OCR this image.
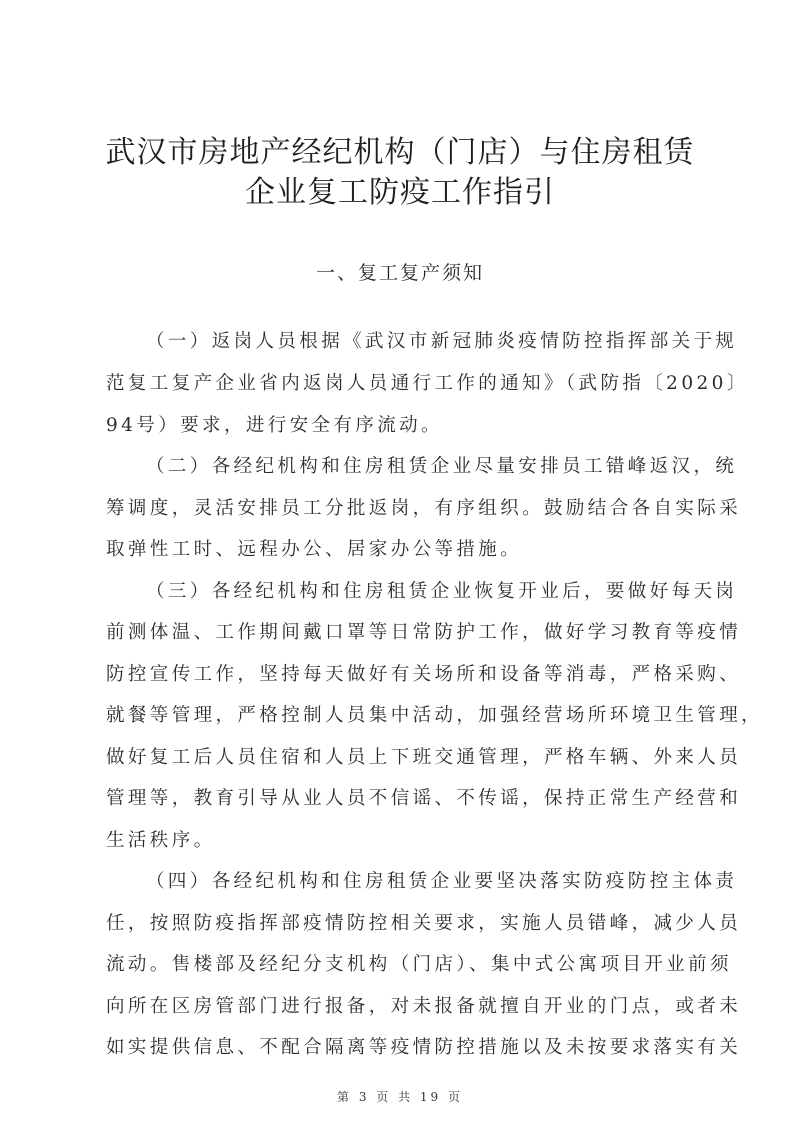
武汉市房地产经纪机构（门店）与住房租赁
企业复工防疫工作指引
一、复工复产须知
（一）返岗人员根据《武汉市新冠肺炎疫情防控指挥部关于规
范复工复产企业省内返岗人员通行工作的通知》（武防指〔2020〕
94号）要求，进行安全有序流动。
（二）各经纪机构和住房租赁企业尽量安排员工错峰返汉，统
筹调度，灵活安排员工分批返岗，有序组织。鼓励结合各自实际采
取弹性工时、远程办公、居家办公等措施。
（三）各经纪机构和住房租赁企业恢复开业后，要做好每天岗
前测体温、工作期间戴口罩等日常防护工作，做好学习教育等疫情
防控宣传工作，坚持每天做好有关场所和设备等消毒，严格采购、
就餐等管理，严格控制人员集中活动，加强经营场所环境卫生管理，
做好复工后人员住宿和人员上下班交通管理，严格车辆、外来人员
管理等，教育引导从业人员不信谣、不传谣，保持正常生产经营和
生活秩序。
（四）各经纪机构和住房租赁企业要坚决落实防疫防控主体责
任，按照防疫指挥部疫情防控相关要求，实施人员错峰，减少人员
流动。售楼部及经纪分支机构（门店）、集中式公寓项目开业前须
向所在区房管部门进行报备，对未报备就擅自开业的门点，或者未
如实提供信息、不配合隔离等疫情防控措施以及未按要求落实有关
第 3 页 共 19 页
